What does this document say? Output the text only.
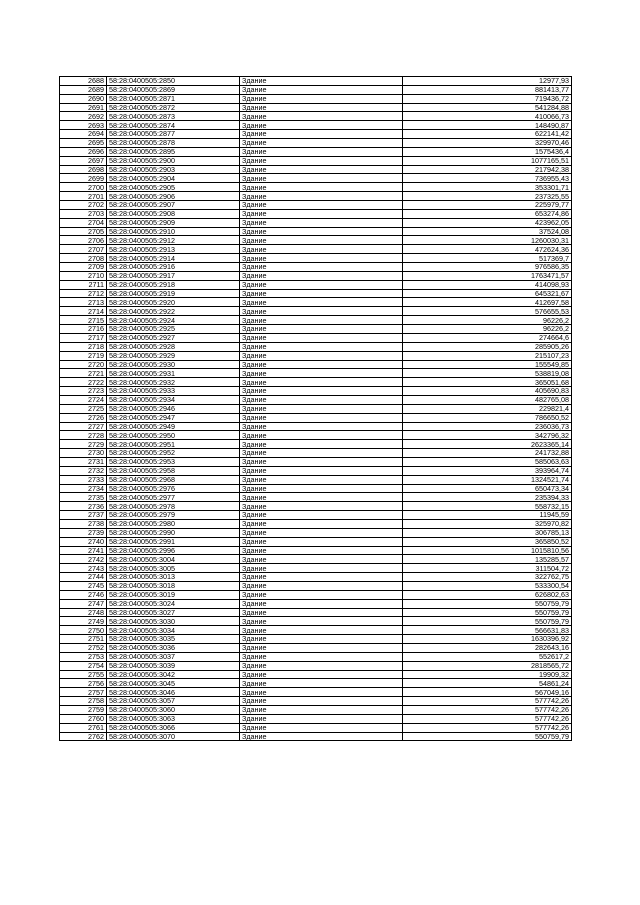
2688	58:28:0400505:2850	Здание	12977,93
2689	58:28:0400505:2869	Здание	881413,77
2690	58:28:0400505:2871	Здание	719436,72
2691	58:28:0400505:2872	Здание	541284,88
2692	58:28:0400505:2873	Здание	410066,73
2693	58:28:0400505:2874	Здание	148490,87
2694	58:28:0400505:2877	Здание	622141,42
2695	58:28:0400505:2878	Здание	329970,46
2696	58:28:0400505:2895	Здание	1575436,4
2697	58:28:0400505:2900	Здание	1077165,51
2698	58:28:0400505:2903	Здание	217942,38
2699	58:28:0400505:2904	Здание	736955,43
2700	58:28:0400505:2905	Здание	353301,71
2701	58:28:0400505:2906	Здание	237325,55
2702	58:28:0400505:2907	Здание	225979,77
2703	58:28:0400505:2908	Здание	653274,86
2704	58:28:0400505:2909	Здание	423962,05
2705	58:28:0400505:2910	Здание	37524,08
2706	58:28:0400505:2912	Здание	1260030,31
2707	58:28:0400505:2913	Здание	472624,36
2708	58:28:0400505:2914	Здание	517369,7
2709	58:28:0400505:2916	Здание	976586,35
2710	58:28:0400505:2917	Здание	1763471,57
2711	58:28:0400505:2918	Здание	414098,93
2712	58:28:0400505:2919	Здание	645321,67
2713	58:28:0400505:2920	Здание	412697,58
2714	58:28:0400505:2922	Здание	576655,53
2715	58:28:0400505:2924	Здание	96226,2
2716	58:28:0400505:2925	Здание	96226,2
2717	58:28:0400505:2927	Здание	274664,6
2718	58:28:0400505:2928	Здание	285905,26
2719	58:28:0400505:2929	Здание	215107,23
2720	58:28:0400505:2930	Здание	155549,85
2721	58:28:0400505:2931	Здание	538819,08
2722	58:28:0400505:2932	Здание	365051,68
2723	58:28:0400505:2933	Здание	405690,83
2724	58:28:0400505:2934	Здание	482765,08
2725	58:28:0400505:2946	Здание	229821,4
2726	58:28:0400505:2947	Здание	786650,52
2727	58:28:0400505:2949	Здание	236036,73
2728	58:28:0400505:2950	Здание	342796,32
2729	58:28:0400505:2951	Здание	2623365,14
2730	58:28:0400505:2952	Здание	241732,88
2731	58:28:0400505:2953	Здание	585063,63
2732	58:28:0400505:2958	Здание	393964,74
2733	58:28:0400505:2968	Здание	1324521,74
2734	58:28:0400505:2976	Здание	650473,34
2735	58:28:0400505:2977	Здание	235394,33
2736	58:28:0400505:2978	Здание	558732,15
2737	58:28:0400505:2979	Здание	11945,59
2738	58:28:0400505:2980	Здание	325970,82
2739	58:28:0400505:2990	Здание	306785,13
2740	58:28:0400505:2991	Здание	365850,52
2741	58:28:0400505:2996	Здание	1015810,56
2742	58:28:0400505:3004	Здание	135285,57
2743	58:28:0400505:3005	Здание	311504,72
2744	58:28:0400505:3013	Здание	322762,75
2745	58:28:0400505:3018	Здание	533300,54
2746	58:28:0400505:3019	Здание	626802,63
2747	58:28:0400505:3024	Здание	550759,79
2748	58:28:0400505:3027	Здание	550759,79
2749	58:28:0400505:3030	Здание	550759,79
2750	58:28:0400505:3034	Здание	566631,83
2751	58:28:0400505:3035	Здание	1630396,92
2752	58:28:0400505:3036	Здание	282643,16
2753	58:28:0400505:3037	Здание	552617,2
2754	58:28:0400505:3039	Здание	2818565,72
2755	58:28:0400505:3042	Здание	19909,32
2756	58:28:0400505:3045	Здание	54861,24
2757	58:28:0400505:3046	Здание	567049,16
2758	58:28:0400505:3057	Здание	577742,26
2759	58:28:0400505:3060	Здание	577742,26
2760	58:28:0400505:3063	Здание	577742,26
2761	58:28:0400505:3066	Здание	577742,26
2762	58:28:0400505:3070	Здание	550759,79
